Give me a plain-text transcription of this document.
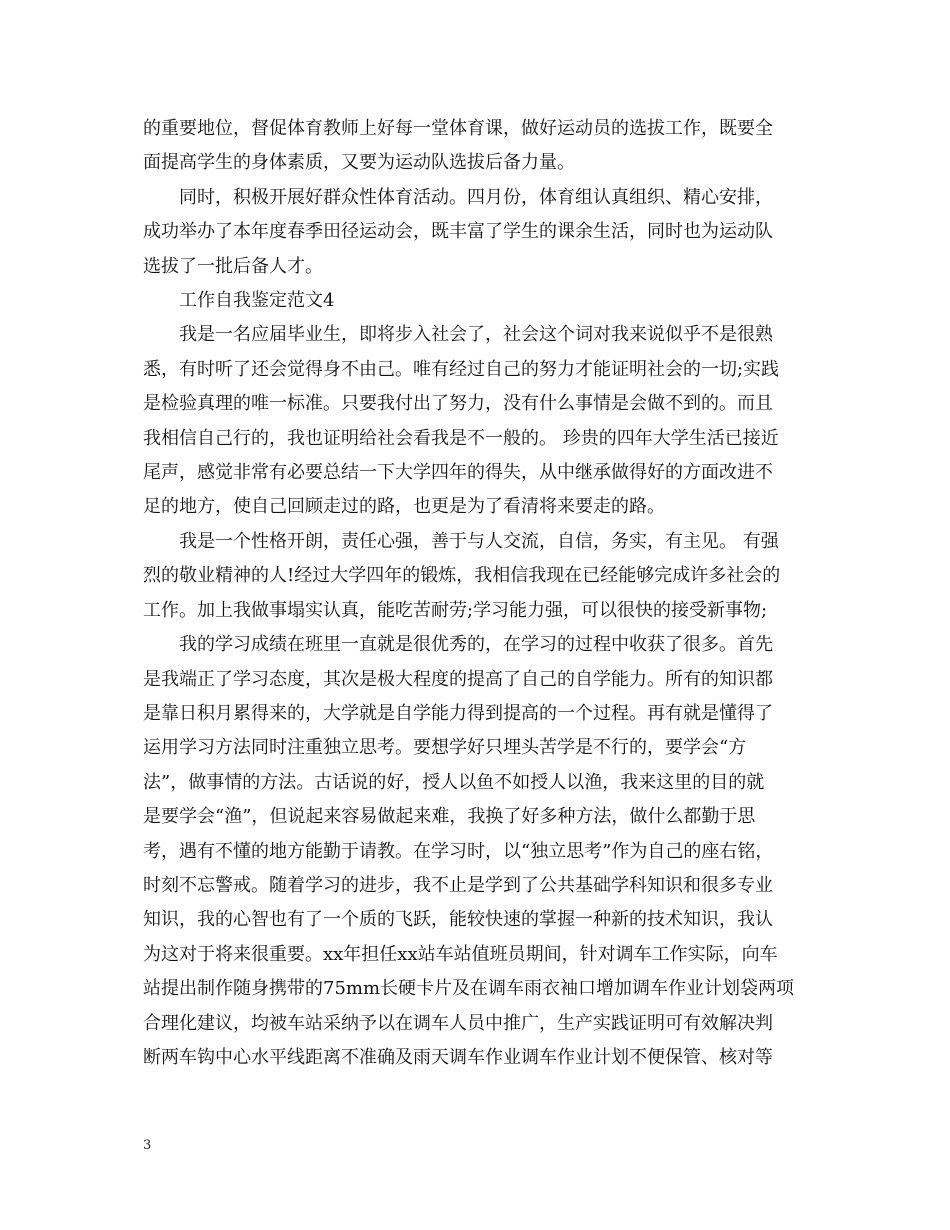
的重要地位，督促体育教师上好每一堂体育课，做好运动员的选拔工作，既要全
面提高学生的身体素质，又要为运动队选拔后备力量。

同时，积极开展好群众性体育活动。四月份，体育组认真组织、精心安排，
成功举办了本年度春季田径运动会，既丰富了学生的课余生活，同时也为运动队
选拔了一批后备人才。

工作自我鉴定范文4

我是一名应届毕业生，即将步入社会了，社会这个词对我来说似乎不是很熟
悉，有时听了还会觉得身不由己。唯有经过自己的努力才能证明社会的一切;实践
是检验真理的唯一标准。只要我付出了努力，没有什么事情是会做不到的。而且
我相信自己行的，我也证明给社会看我是不一般的。 珍贵的四年大学生活已接近
尾声，感觉非常有必要总结一下大学四年的得失，从中继承做得好的方面改进不
足的地方，使自己回顾走过的路，也更是为了看清将来要走的路。

我是一个性格开朗，责任心强，善于与人交流，自信，务实，有主见。 有强
烈的敬业精神的人!经过大学四年的锻炼，我相信我现在已经能够完成许多社会的
工作。加上我做事塌实认真，能吃苦耐劳;学习能力强，可以很快的接受新事物;

我的学习成绩在班里一直就是很优秀的，在学习的过程中收获了很多。首先
是我端正了学习态度，其次是极大程度的提高了自己的自学能力。所有的知识都
是靠日积月累得来的，大学就是自学能力得到提高的一个过程。再有就是懂得了
运用学习方法同时注重独立思考。要想学好只埋头苦学是不行的，要学会“方
法”，做事情的方法。古话说的好，授人以鱼不如授人以渔，我来这里的目的就
是要学会“渔”，但说起来容易做起来难，我换了好多种方法，做什么都勤于思
考，遇有不懂的地方能勤于请教。在学习时，以“独立思考”作为自己的座右铭，
时刻不忘警戒。随着学习的进步，我不止是学到了公共基础学科知识和很多专业
知识，我的心智也有了一个质的飞跃，能较快速的掌握一种新的技术知识，我认
为这对于将来很重要。xx年担任xx站车站值班员期间，针对调车工作实际，向车
站提出制作随身携带的75mm长硬卡片及在调车雨衣袖口增加调车作业计划袋两项
合理化建议，均被车站采纳予以在调车人员中推广，生产实践证明可有效解决判
断两车钩中心水平线距离不准确及雨天调车作业调车作业计划不便保管、核对等

3
